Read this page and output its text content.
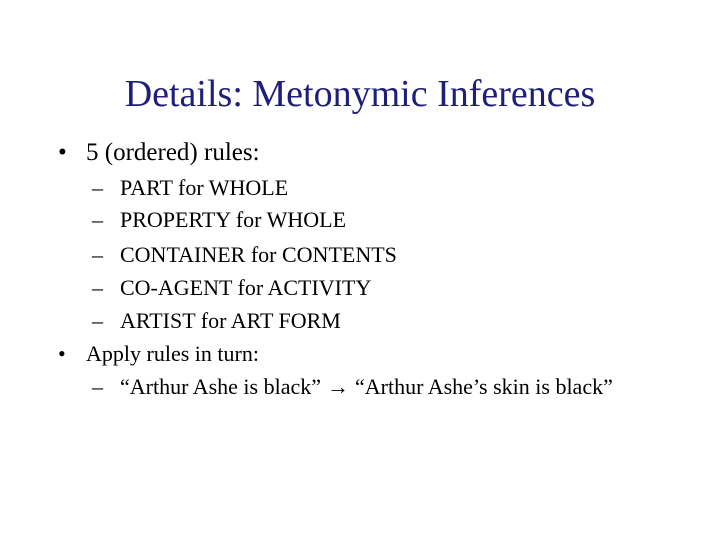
Details: Metonymic Inferences
• 5 (ordered) rules:
– PART for WHOLE
– PROPERTY for WHOLE
– CONTAINER for CONTENTS
– CO-AGENT for ACTIVITY
– ARTIST for ART FORM
• Apply rules in turn:
– “Arthur Ashe is black” → “Arthur Ashe’s skin is black”
